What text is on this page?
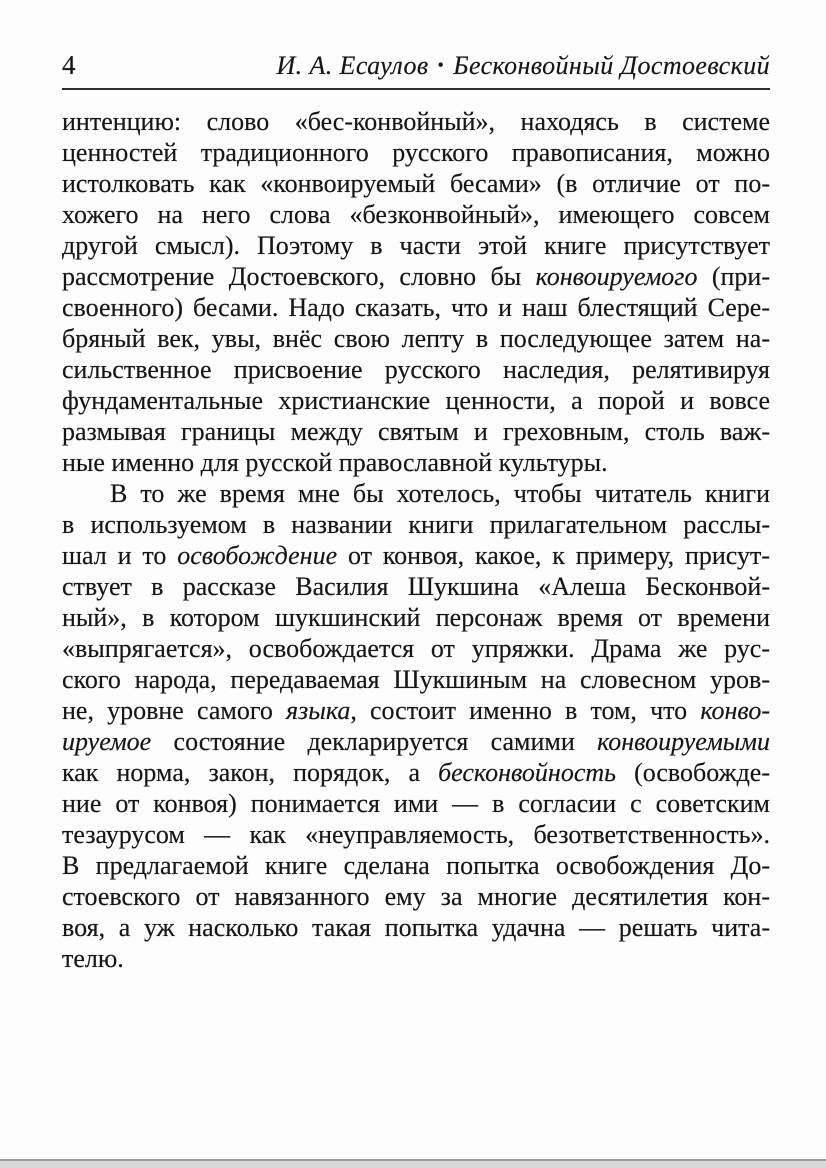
4	И. А. Есаулов • Бесконвойный Достоевский
интенцию: слово «бес-конвойный», находясь в системе
ценностей традиционного русского правописания, можно
истолковать как «конвоируемый бесами» (в отличие от по-
хожего на него слова «безконвойный», имеющего совсем
другой смысл). Поэтому в части этой книге присутствует
рассмотрение Достоевского, словно бы конвоируемого (при-
своенного) бесами. Надо сказать, что и наш блестящий Сере-
бряный век, увы, внёс свою лепту в последующее затем на-
сильственное присвоение русского наследия, релятивируя
фундаментальные христианские ценности, а порой и вовсе
размывая границы между святым и греховным, столь важ-
ные именно для русской православной культуры.
В то же время мне бы хотелось, чтобы читатель книги
в используемом в названии книги прилагательном расслы-
шал и то освобождение от конвоя, какое, к примеру, присут-
ствует в рассказе Василия Шукшина «Алеша Бесконвой-
ный», в котором шукшинский персонаж время от времени
«выпрягается», освобождается от упряжки. Драма же рус-
ского народа, передаваемая Шукшиным на словесном уров-
не, уровне самого языка, состоит именно в том, что конво-
ируемое состояние декларируется самими конвоируемыми
как норма, закон, порядок, а бесконвойность (освобожде-
ние от конвоя) понимается ими — в согласии с советским
тезаурусом — как «неуправляемость, безответственность».
В предлагаемой книге сделана попытка освобождения До-
стоевского от навязанного ему за многие десятилетия кон-
воя, а уж насколько такая попытка удачна — решать чита-
телю.
